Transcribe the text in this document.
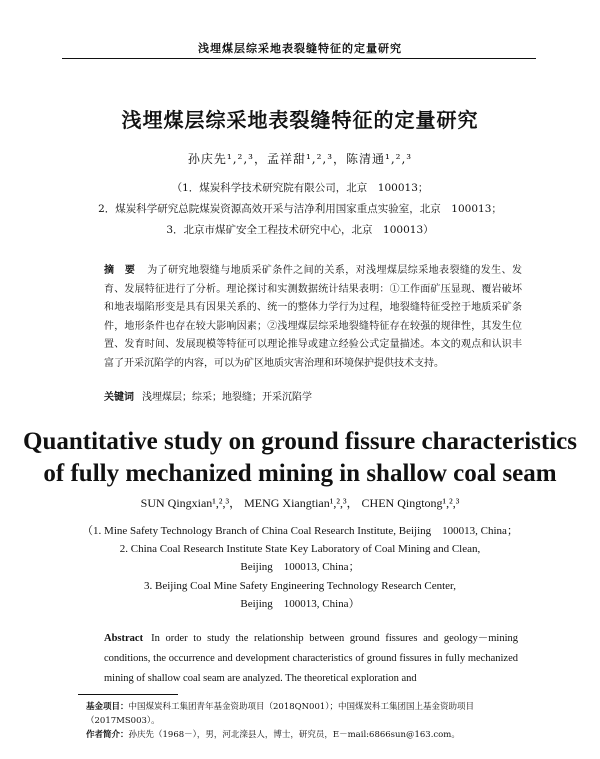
浅埋煤层综采地表裂缝特征的定量研究
浅埋煤层综采地表裂缝特征的定量研究
孙庆先¹,²,³，孟祥甜¹,²,³，陈清通¹,²,³
（1．煤炭科学技术研究院有限公司，北京　100013；
2．煤炭科学研究总院煤炭资源高效开采与洁净利用国家重点实验室，北京　100013；
3．北京市煤矿安全工程技术研究中心，北京　100013）
摘　要 为了研究地裂缝与地质采矿条件之间的关系，对浅埋煤层综采地表裂缝的发生、发育、发展特征进行了分析。理论探讨和实测数据统计结果表明：①工作面矿压显现、覆岩破坏和地表塌陷形变是具有因果关系的、统一的整体力学行为过程，地裂缝特征受控于地质采矿条件，地形条件也存在较大影响因素；②浅埋煤层综采地裂缝特征存在较强的规律性，其发生位置、发育时间、发展现模等特征可以理论推导或建立经验公式定量描述。本文的观点和认识丰富了开采沉陷学的内容，可以为矿区地质灾害治理和环境保护提供技术支持。
关键词 浅埋煤层；综采；地裂缝；开采沉陷学
Quantitative study on ground fissure characteristics
of fully mechanized mining in shallow coal seam
SUN Qingxian¹,²,³， MENG Xiangtian¹,²,³， CHEN Qingtong¹,²,³
（1. Mine Safety Technology Branch of China Coal Research Institute, Beijing　100013, China；
2. China Coal Research Institute State Key Laboratory of Coal Mining and Clean,
Beijing　100013, China；
3. Beijing Coal Mine Safety Engineering Technology Research Center,
Beijing　100013, China）
Abstract In order to study the relationship between ground fissures and geology－mining conditions, the occurrence and development characteristics of ground fissures in fully mechanized mining of shallow coal seam are analyzed. The theoretical exploration and
基金项目：中国煤炭科工集团青年基金资助项目（2018QN001）；中国煤炭科工集团国上基金资助项目（2017MS003）。
作者简介：孙庆先（1968－），男，河北滦县人，博士，研究员，E－mail:6866sun@163.com。
